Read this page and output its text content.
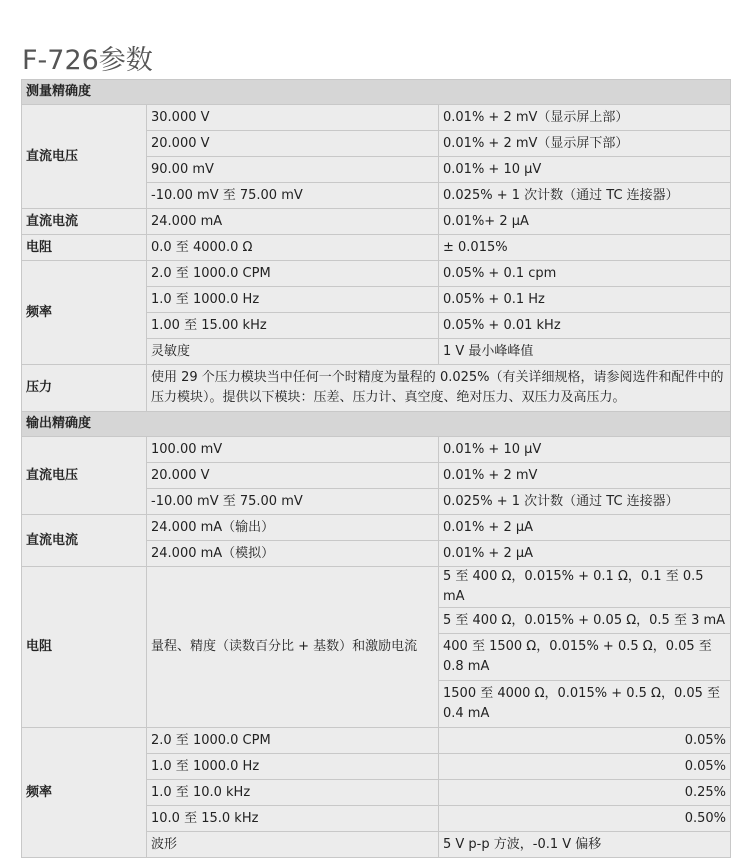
F-726参数
测量精确度		
直流电压	30.000 V	0.01% + 2 mV（显示屏上部）
	20.000 V	0.01% + 2 mV（显示屏下部）
	90.00 mV	0.01% + 10 μV
	-10.00 mV 至 75.00 mV	0.025% + 1 次计数（通过 TC 连接器）
直流电流	24.000 mA	0.01%+ 2 μA
电阻	0.0 至 4000.0 Ω	± 0.015%
频率	2.0 至 1000.0 CPM	0.05% + 0.1 cpm
	1.0 至 1000.0 Hz	0.05% + 0.1 Hz
	1.00 至 15.00 kHz	0.05% + 0.01 kHz
	灵敏度	1 V 最小峰峰值
压力	使用 29 个压力模块当中任何一个时精度为量程的 0.025%（有关详细规格，请参阅选件和配件中的压力模块）。提供以下模块：压差、压力计、真空度、绝对压力、双压力及高压力。	
输出精确度		
直流电压	100.00 mV	0.01% + 10 μV
	20.000 V	0.01% + 2 mV
	-10.00 mV 至 75.00 mV	0.025% + 1 次计数（通过 TC 连接器）
直流电流	24.000 mA（输出）	0.01% + 2 μA
	24.000 mA（模拟）	0.01% + 2 μA
电阻	量程、精度（读数百分比 + 基数）和激励电流	5 至 400 Ω，0.015% + 0.1 Ω，0.1 至 0.5 mA
		5 至 400 Ω，0.015% + 0.05 Ω，0.5 至 3 mA
		400 至 1500 Ω，0.015% + 0.5 Ω，0.05 至 0.8 mA
		1500 至 4000 Ω，0.015% + 0.5 Ω，0.05 至 0.4 mA
频率	2.0 至 1000.0 CPM	0.05%
	1.0 至 1000.0 Hz	0.05%
	1.0 至 10.0 kHz	0.25%
	10.0 至 15.0 kHz	0.50%
	波形	5 V p-p 方波，-0.1 V 偏移
